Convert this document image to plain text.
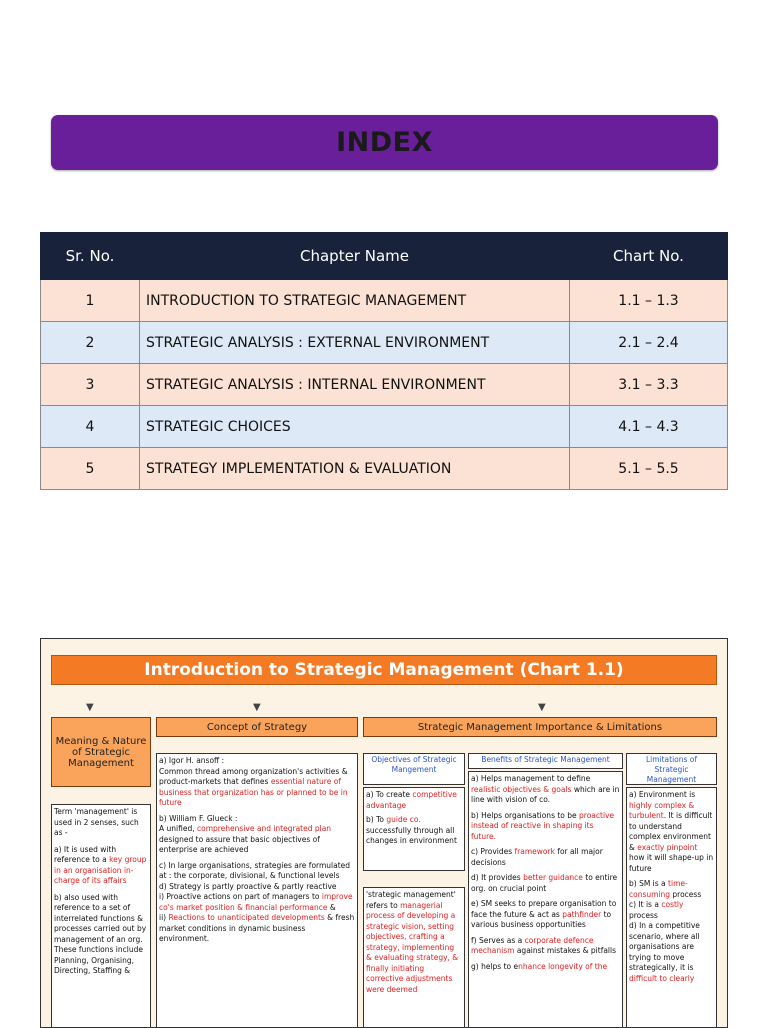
INDEX
Sr. No.	Chapter Name	Chart No.
1	INTRODUCTION TO STRATEGIC MANAGEMENT	1.1 – 1.3
2	STRATEGIC ANALYSIS : EXTERNAL ENVIRONMENT	2.1 – 2.4
3	STRATEGIC ANALYSIS : INTERNAL ENVIRONMENT	3.1 – 3.3
4	STRATEGIC CHOICES	4.1 – 4.3
5	STRATEGY IMPLEMENTATION & EVALUATION	5.1 – 5.5
Introduction to Strategic Management (Chart 1.1)
▼	▼	▼
Meaning & Nature of Strategic Management
Concept of Strategy	Strategic Management Importance & Limitations
Term 'management' is used in 2 senses, such as -
a) It is used with reference to a key group in an organisation in-charge of its affairs
b) also used with reference to a set of interrelated functions & processes carried out by management of an org. These functions include Planning, Organising, Directing, Staffing &
a) Igor H. ansoff :
Common thread among organization's activities & product-markets that defines essential nature of business that organization has or planned to be in future
b) William F. Glueck :
A unified, comprehensive and integrated plan designed to assure that basic objectives of enterprise are achieved
c) In large organisations, strategies are formulated at : the corporate, divisional, & functional levels
d) Strategy is partly proactive & partly reactive
i) Proactive actions on part of managers to improve co's market position & financial performance &
ii) Reactions to unanticipated developments & fresh market conditions in dynamic business environment.
Objectives of Strategic Mangement
Benefits of Strategic Management	Limitations of Strategic Management
a) To create competitive advantage
b) To guide co. successfully through all changes in environment
'strategic management' refers to managerial process of developing a strategic vision, setting objectives, crafting a strategy, implementing & evaluating strategy, & finally initiating corrective adjustments were deemed
a) Helps management to define realistic objectives & goals which are in line with vision of co.
b) Helps organisations to be proactive instead of reactive in shaping its future.
c) Provides framework for all major decisions
d) It provides better guidance to entire org. on crucial point
e) SM seeks to prepare organisation to face the future & act as pathfinder to various business opportunities
f) Serves as a corporate defence mechanism against mistakes & pitfalls
g) helps to enhance longevity of the
a) Environment is highly complex & turbulent. It is difficult to understand complex environment & exactly pinpoint how it will shape-up in future
b) SM is a time-consuming process
c) It is a costly process
d) In a competitive scenario, where all organisations are trying to move strategically, it is difficult to clearly
